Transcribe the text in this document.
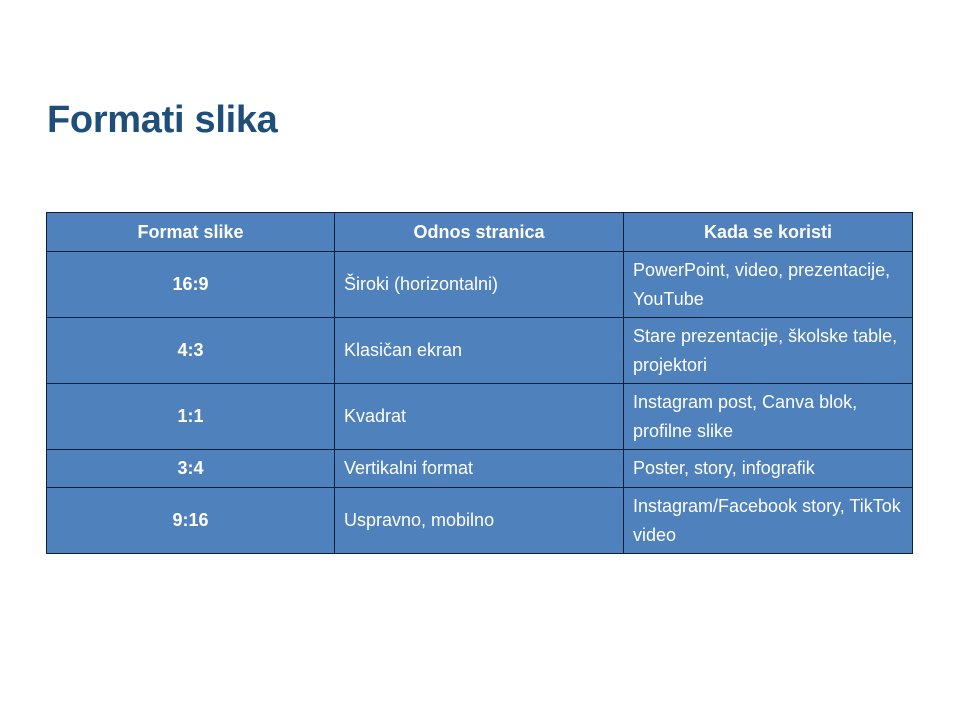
Formati slika
Format slike	Odnos stranica	Kada se koristi
16:9	Široki (horizontalni)	PowerPoint, video, prezentacije, YouTube
4:3	Klasičan ekran	Stare prezentacije, školske table, projektori
1:1	Kvadrat	Instagram post, Canva blok, profilne slike
3:4	Vertikalni format	Poster, story, infografik
9:16	Uspravno, mobilno	Instagram/Facebook story, TikTok video
